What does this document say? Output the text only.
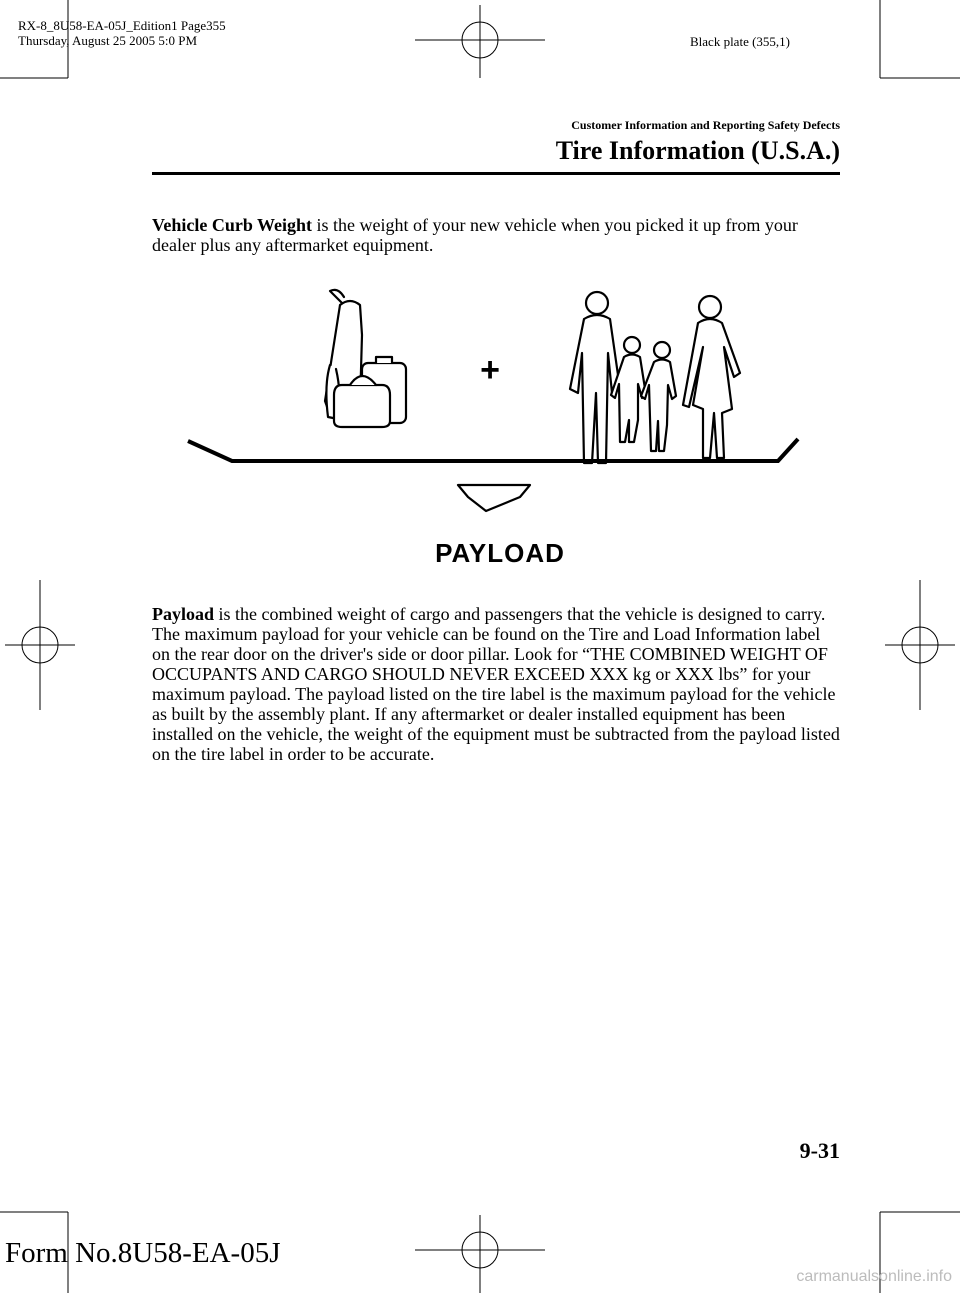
RX-8_8U58-EA-05J_Edition1 Page355
Thursday, August 25 2005 5:0 PM	Black plate (355,1)
Customer Information and Reporting Safety Defects
Tire Information (U.S.A.)
Vehicle Curb Weight is the weight of your new vehicle when you picked it up from your dealer plus any aftermarket equipment.
+
PAYLOAD
Payload is the combined weight of cargo and passengers that the vehicle is designed to carry. The maximum payload for your vehicle can be found on the Tire and Load Information label on the rear door on the driver's side or door pillar. Look for “THE COMBINED WEIGHT OF OCCUPANTS AND CARGO SHOULD NEVER EXCEED XXX kg or XXX lbs” for your maximum payload. The payload listed on the tire label is the maximum payload for the vehicle as built by the assembly plant. If any aftermarket or dealer installed equipment has been installed on the vehicle, the weight of the equipment must be subtracted from the payload listed on the tire label in order to be accurate.
9-31
Form No.8U58-EA-05J
carmanualsonline.info
